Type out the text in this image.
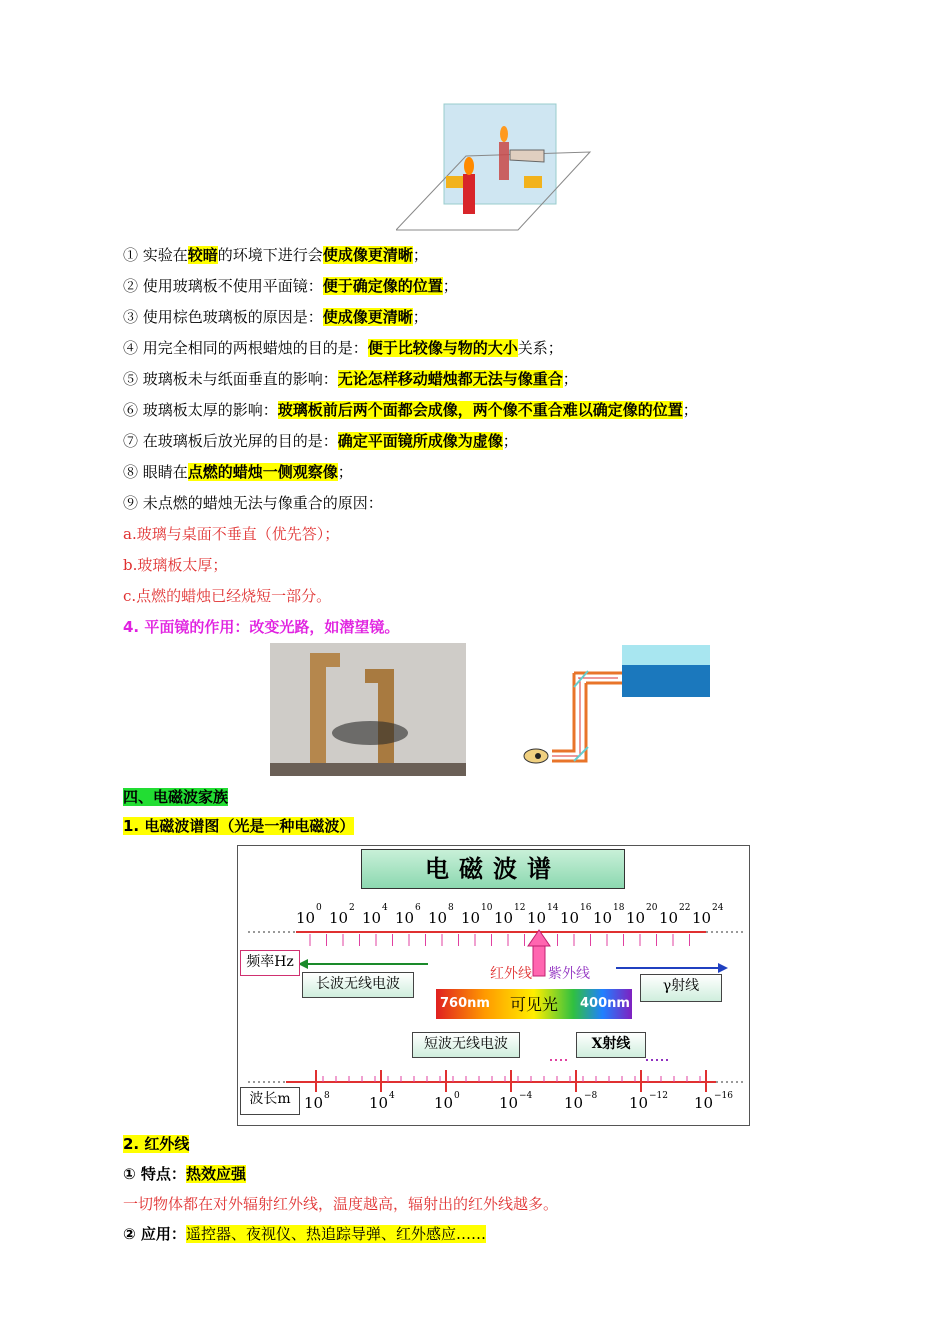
① 实验在较暗的环境下进行会使成像更清晰；
② 使用玻璃板不使用平面镜：便于确定像的位置；
③ 使用棕色玻璃板的原因是：使成像更清晰；
④ 用完全相同的两根蜡烛的目的是：便于比较像与物的大小关系；
⑤ 玻璃板未与纸面垂直的影响：无论怎样移动蜡烛都无法与像重合；
⑥ 玻璃板太厚的影响：玻璃板前后两个面都会成像，两个像不重合难以确定像的位置；
⑦ 在玻璃板后放光屏的目的是：确定平面镜所成像为虚像；
⑧ 眼睛在点燃的蜡烛一侧观察像；
⑨ 未点燃的蜡烛无法与像重合的原因：
a.玻璃与桌面不垂直（优先答）；
b.玻璃板太厚；
c.点燃的蜡烛已经烧短一部分。
4. 平面镜的作用：改变光路，如潜望镜。
四、电磁波家族
1. 电磁波谱图（光是一种电磁波）
电磁波谱
10
0
10
2
10
4
10
6
10
8
10
10
10
12
10
14
10
16
10
18
10
20
10
22
10
24
10 8	10 4	10 0	10 −4 10 −8 10 −12 10 −16
频率Hz
波长m
长波无线电波
短波无线电波	X射线
γ射线
红外线 紫外线
760nm 可见光 400nm
2. 红外线
① 特点：热效应强
一切物体都在对外辐射红外线，温度越高，辐射出的红外线越多。
② 应用：遥控器、夜视仪、热追踪导弹、红外感应……
